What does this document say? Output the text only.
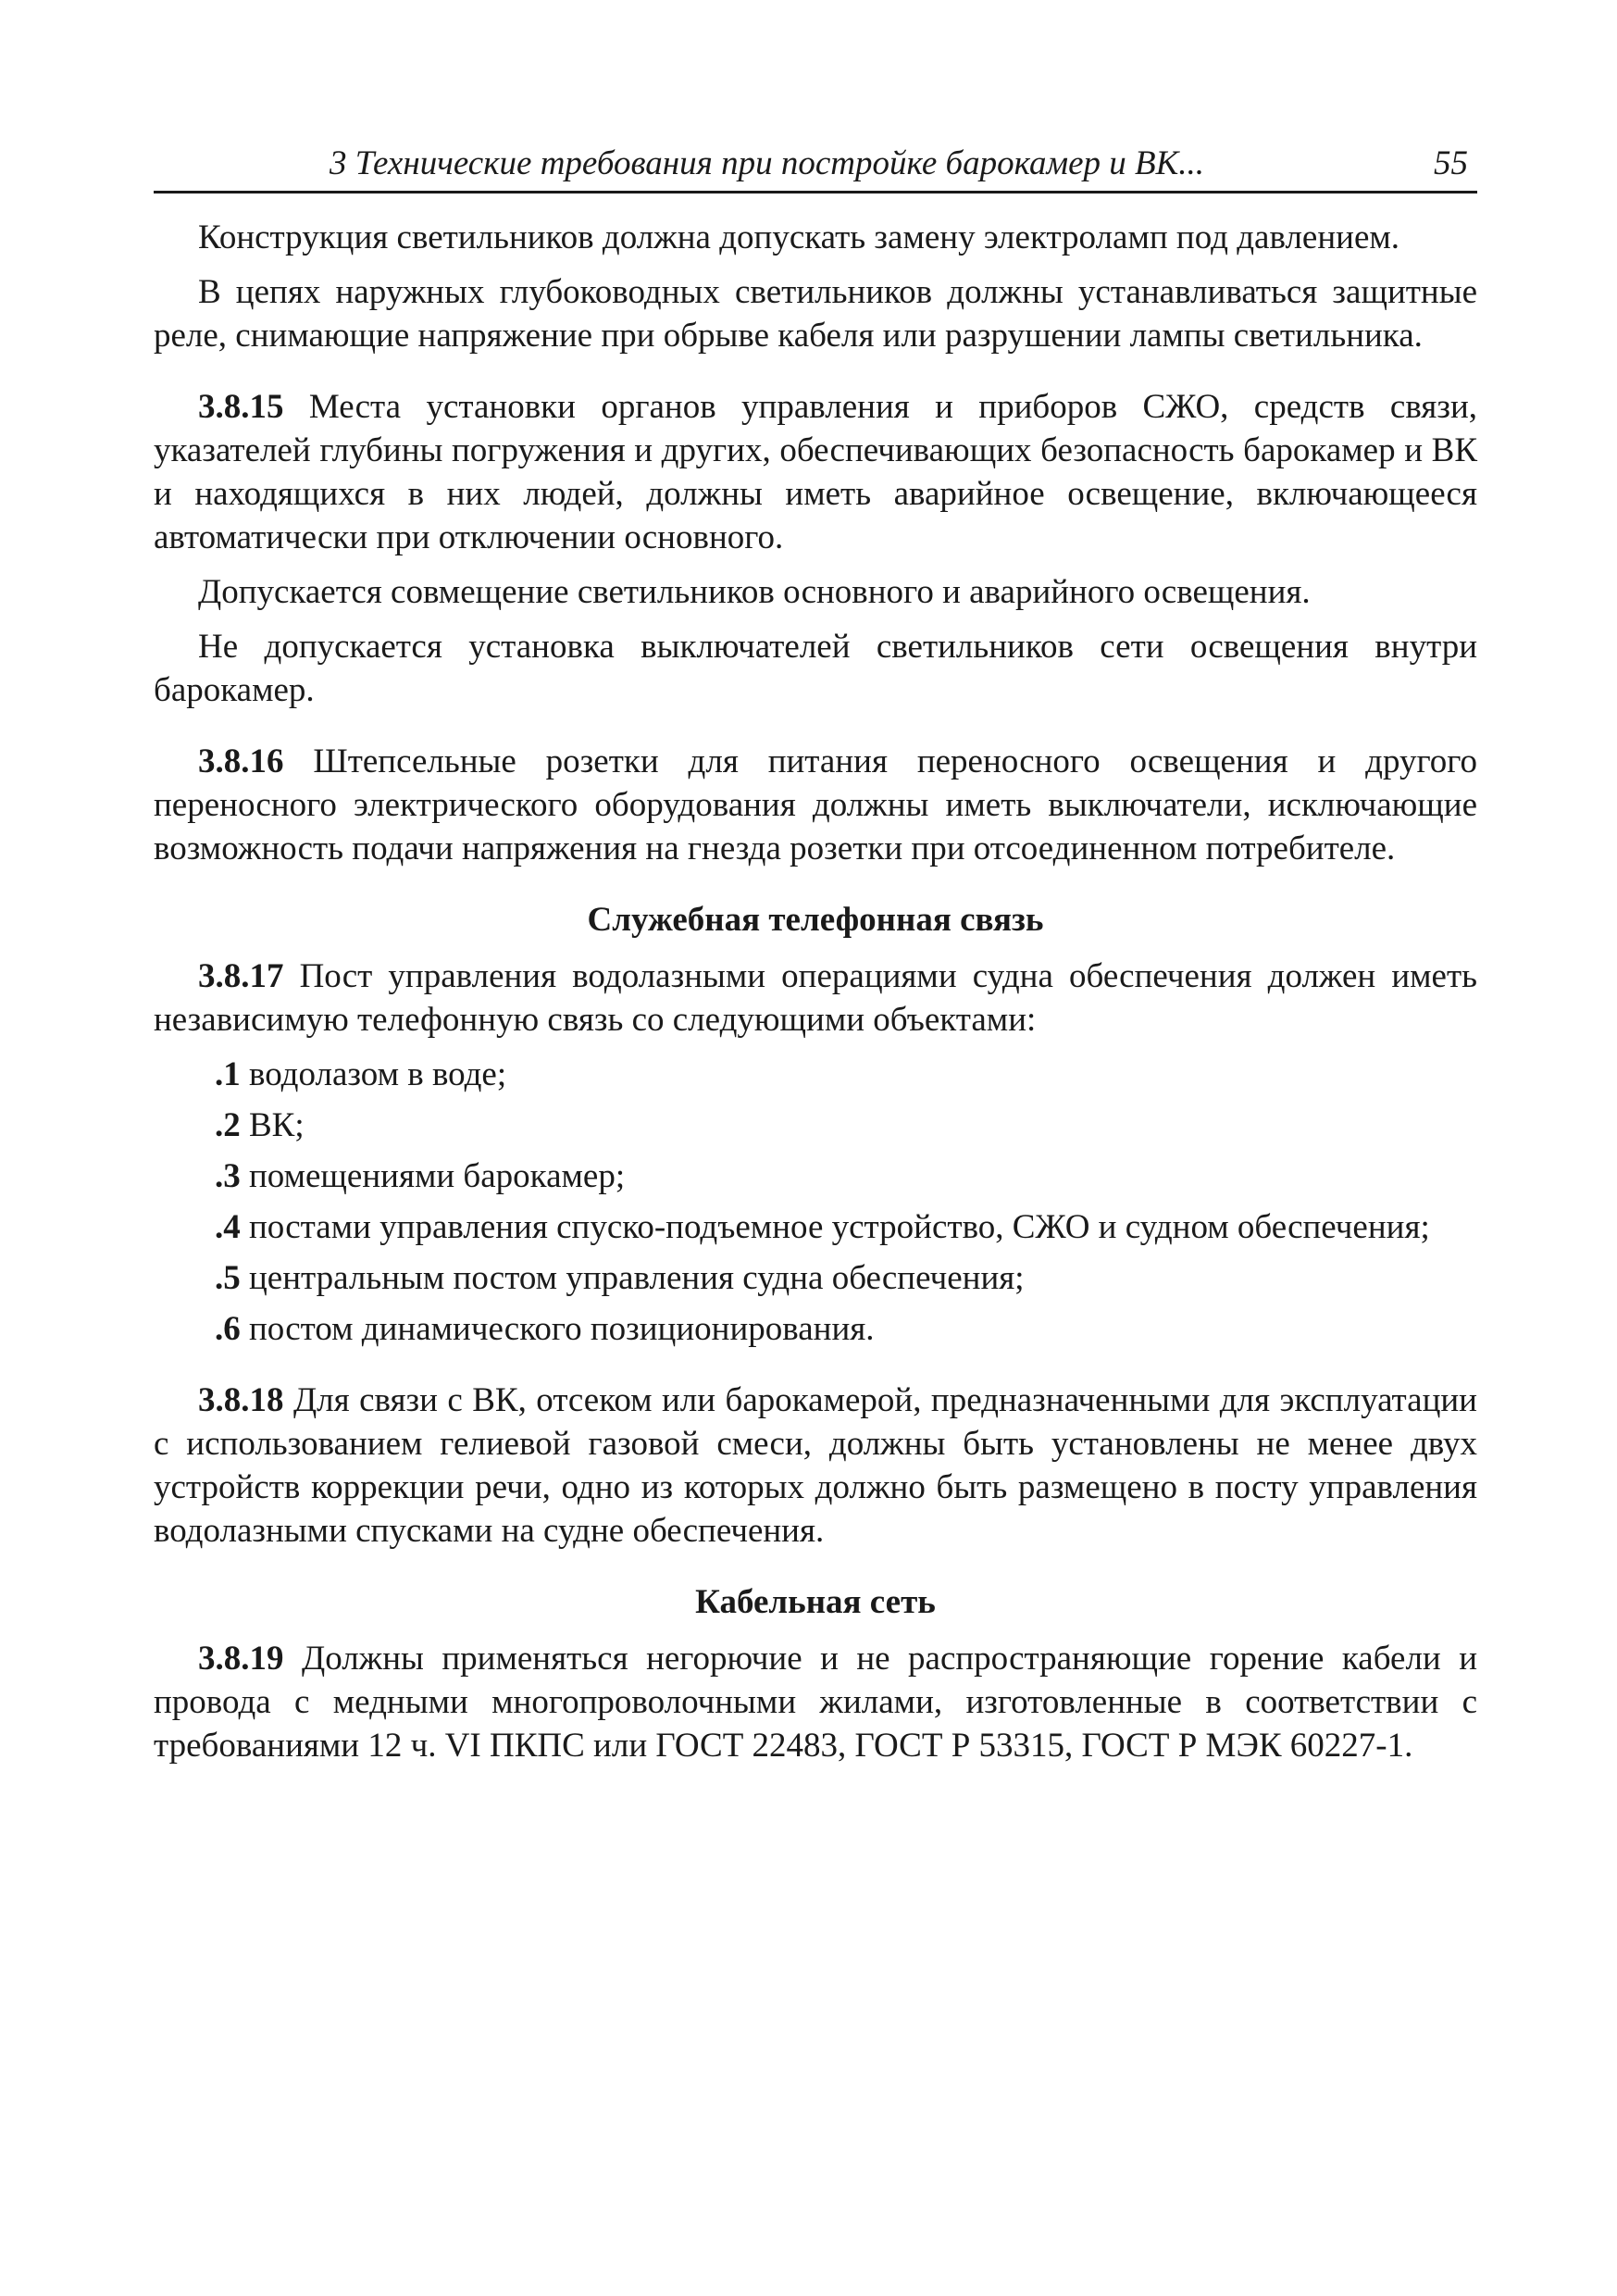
3 Технические требования при постройке барокамер и ВК...	55

Конструкция светильников должна допускать замену электроламп под давлением.

В цепях наружных глубоководных светильников должны устанавливаться защитные реле, снимающие напряжение при обрыве кабеля или разрушении лампы светильника.

3.8.15 Места установки органов управления и приборов СЖО, средств связи, указателей глубины погружения и других, обеспечивающих безопасность барокамер и ВК и находящихся в них людей, должны иметь аварийное освещение, включающееся автоматически при отключении основного.

Допускается совмещение светильников основного и аварийного освещения.

Не допускается установка выключателей светильников сети освещения внутри барокамер.

3.8.16 Штепсельные розетки для питания переносного освещения и другого переносного электрического оборудования должны иметь выключатели, исключающие возможность подачи напряжения на гнезда розетки при отсоединенном потребителе.

Служебная телефонная связь

3.8.17 Пост управления водолазными операциями судна обеспечения должен иметь независимую телефонную связь со следующими объектами:

.1 водолазом в воде;

.2 ВК;

.3 помещениями барокамер;

.4 постами управления спуско-подъемное устройство, СЖО и судном обеспечения;

.5 центральным постом управления судна обеспечения;

.6 постом динамического позиционирования.

3.8.18 Для связи с ВК, отсеком или барокамерой, предназначенными для эксплуатации с использованием гелиевой газовой смеси, должны быть установлены не менее двух устройств коррекции речи, одно из которых должно быть размещено в посту управления водолазными спусками на судне обеспечения.

Кабельная сеть

3.8.19 Должны применяться негорючие и не распространяющие горение кабели и провода с медными многопроволочными жилами, изготовленные в соответствии с требованиями 12 ч. VI ПКПС или ГОСТ 22483, ГОСТ Р 53315, ГОСТ Р МЭК 60227-1.
